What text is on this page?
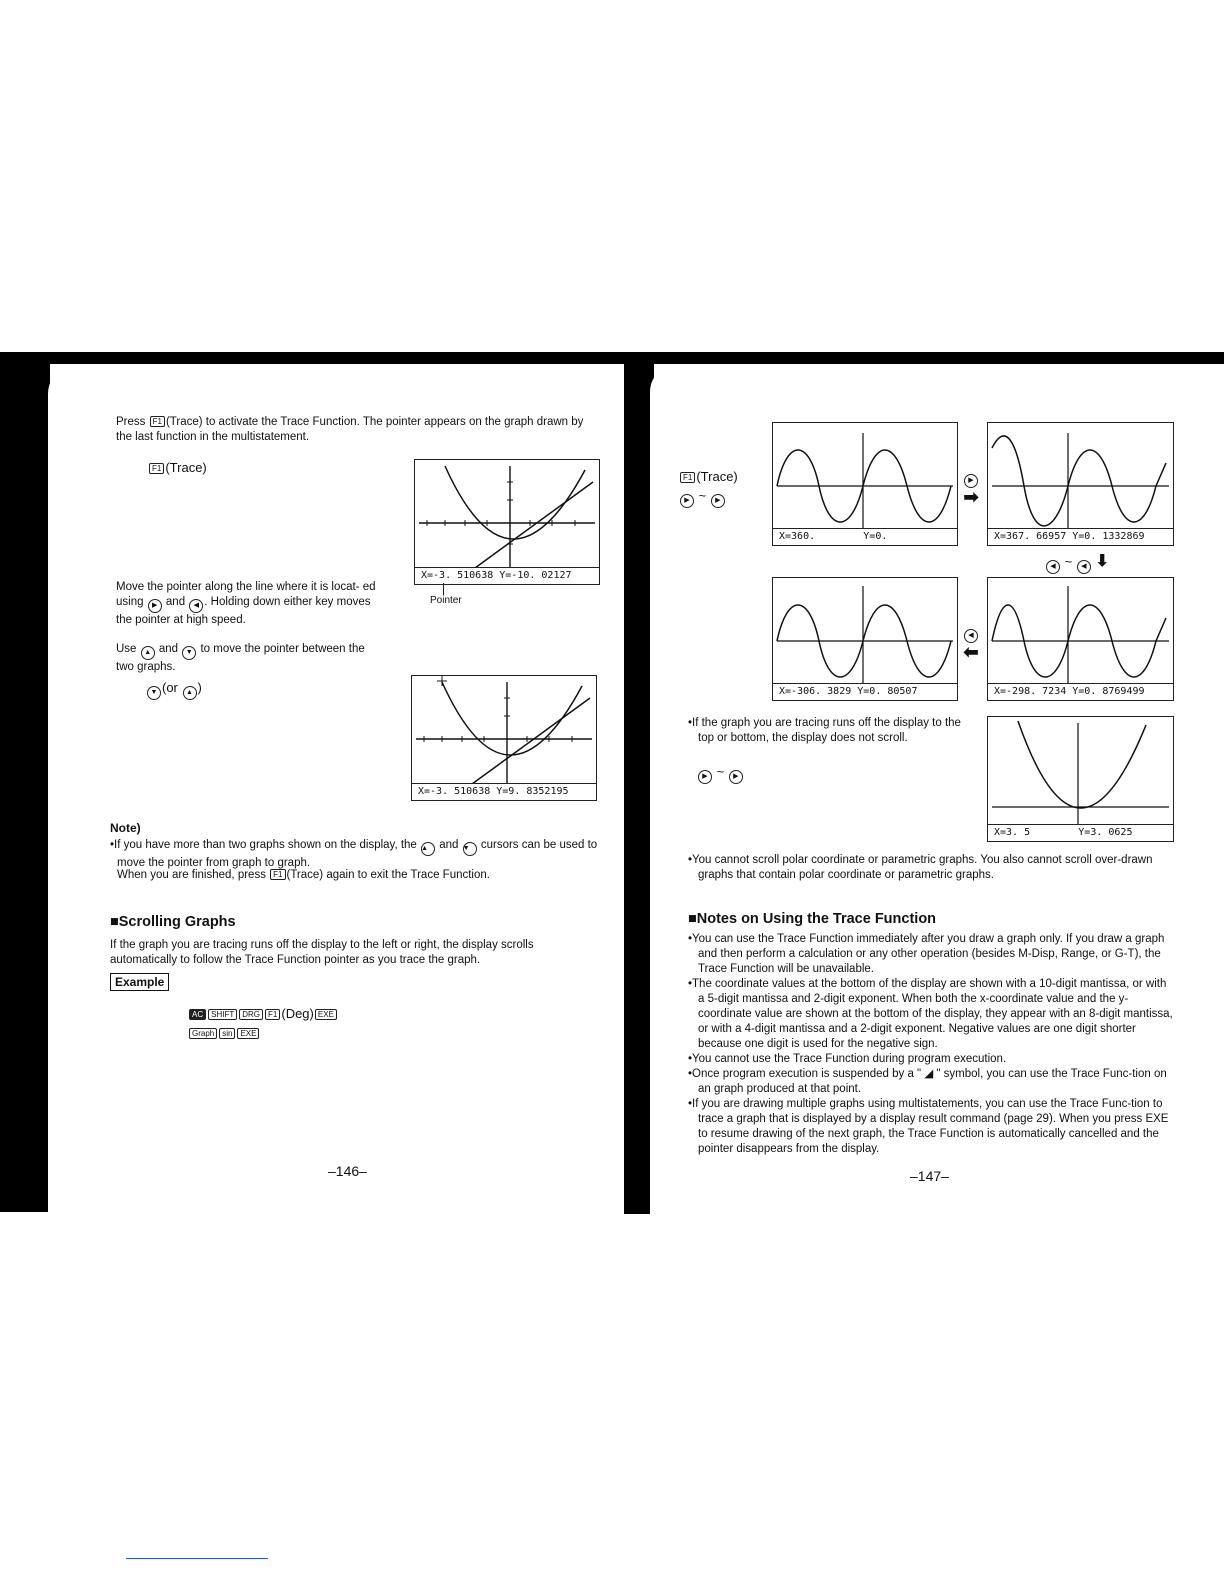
Press F1 (Trace) to activate the Trace Function. The pointer appears on the graph drawn by the last function in the multistatement.
F1 (Trace)
X=-3. 510638 Y=-10. 02127
Pointer
Move the pointer along the line where it is locat- ed using ▶ and ◀ . Holding down either key moves the pointer at high speed.
Use ▲ and ▼ to move the pointer between the two graphs.
▼ (or ▲ )
X=-3. 510638 Y=9. 8352195
Note)
•If you have more than two graphs shown on the display, the ▲ and ▼ cursors can be used to move the pointer from graph to graph.
When you are finished, press F1 (Trace) again to exit the Trace Function.
■Scrolling Graphs
If the graph you are tracing runs off the display to the left or right, the display scrolls automatically to follow the Trace Function pointer as you trace the graph.
Example
AC SHIFT DRG F1 (Deg) EXE
Graph sin EXE
–146–
F1 (Trace)
▶ ~ ▶
X=360.        Y=0.
▶
➡
X=367. 66957 Y=0. 1332869
◀ ~ ◀ ⬇
X=-306. 3829 Y=0. 80507
◀
⬅
X=-298. 7234 Y=0. 8769499
•If the graph you are tracing runs off the display to the top or bottom, the display does not scroll.
▶ ~ ▶
X=3. 5        Y=3. 0625
•You cannot scroll polar coordinate or parametric graphs. You also cannot scroll over-drawn graphs that contain polar coordinate or parametric graphs.
■Notes on Using the Trace Function
•You can use the Trace Function immediately after you draw a graph only. If you draw a graph and then perform a calculation or any other operation (besides M-Disp, Range, or G-T), the Trace Function will be unavailable.
•The coordinate values at the bottom of the display are shown with a 10-digit mantissa, or with a 5-digit mantissa and 2-digit exponent. When both the x-coordinate value and the y-coordinate value are shown at the bottom of the display, they appear with an 8-digit mantissa, or with a 4-digit mantissa and a 2-digit exponent. Negative values are one digit shorter because one digit is used for the negative sign.
•You cannot use the Trace Function during program execution.
•Once program execution is suspended by a " ◢ " symbol, you can use the Trace Func-tion on an graph produced at that point.
•If you are drawing multiple graphs using multistatements, you can use the Trace Func-tion to trace a graph that is displayed by a display result command (page 29). When you press EXE to resume drawing of the next graph, the Trace Function is automatically cancelled and the pointer disappears from the display.
–147–
